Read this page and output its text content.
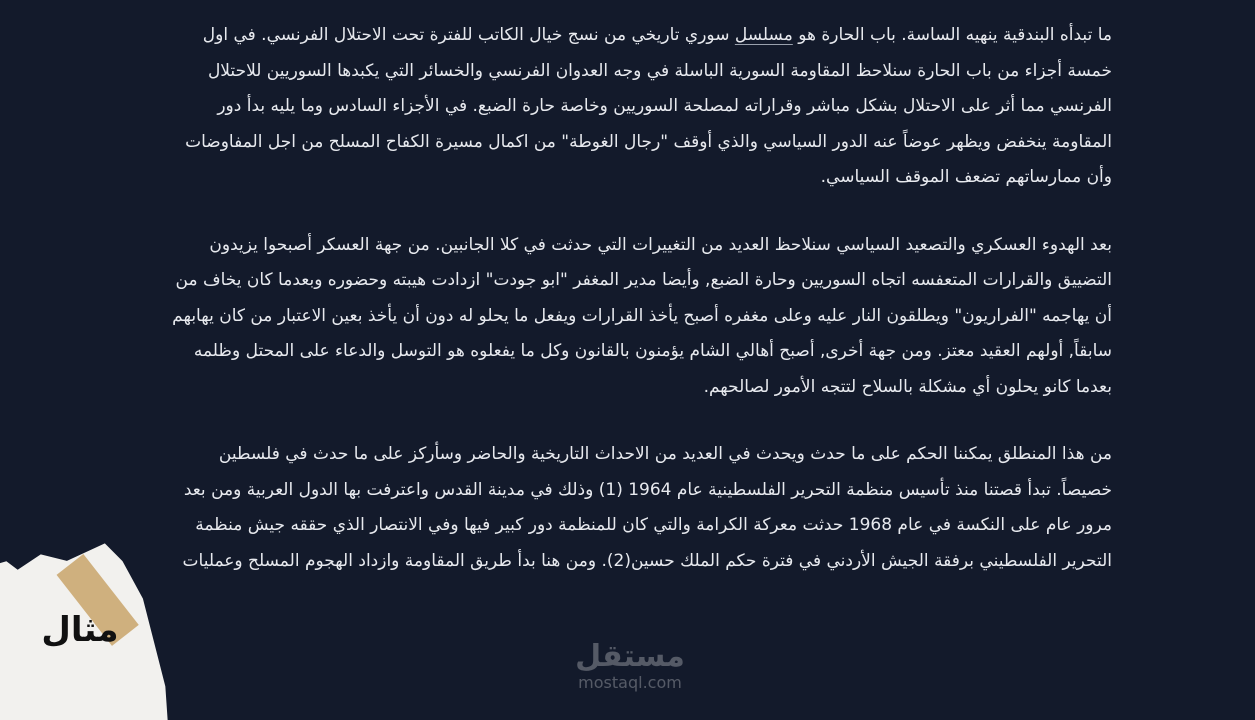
ما تبدأه البندقية ينهيه الساسة. باب الحارة هو مسلسل سوري تاريخي من نسج خيال الكاتب للفترة تحت الاحتلال الفرنسي. في اول خمسة أجزاء من باب الحارة سنلاحظ المقاومة السورية الباسلة في وجه العدوان الفرنسي والخسائر التي يكبدها السوريين للاحتلال الفرنسي مما أثر على الاحتلال بشكل مباشر وقراراته لمصلحة السوريين وخاصة حارة الضبع. في الأجزاء السادس وما يليه بدأ دور المقاومة ينخفض ويظهر عوضاً عنه الدور السياسي والذي أوقف "رجال الغوطة" من اكمال مسيرة الكفاح المسلح من اجل المفاوضات وأن ممارساتهم تضعف الموقف السياسي.

بعد الهدوء العسكري والتصعيد السياسي سنلاحظ العديد من التغييرات التي حدثت في كلا الجانبين. من جهة العسكر أصبحوا يزيدون التضييق والقرارات المتعفسه اتجاه السوريين وحارة الضبع, وأيضا مدير المغفر "ابو جودت" ازدادت هيبته وحضوره وبعدما كان يخاف من أن يهاجمه "الفراريون" ويطلقون النار عليه وعلى مغفره أصبح يأخذ القرارات ويفعل ما يحلو له دون أن يأخذ بعين الاعتبار من كان يهابهم سابقاً, أولهم العقيد معتز. ومن جهة أخرى, أصبح أهالي الشام يؤمنون بالقانون وكل ما يفعلوه هو التوسل والدعاء على المحتل وظلمه بعدما كانو يحلون أي مشكلة بالسلاح لتتجه الأمور لصالحهم.

من هذا المنطلق يمكننا الحكم على ما حدث ويحدث في العديد من الاحداث التاريخية والحاضر وسأركز على ما حدث في فلسطين خصيصاً. تبدأ قصتنا منذ تأسيس منظمة التحرير الفلسطينية عام 1964 (1) وذلك في مدينة القدس واعترفت بها الدول العربية ومن بعد مرور عام على النكسة في عام 1968 حدثت معركة الكرامة والتي كان للمنظمة دور كبير فيها وفي الانتصار الذي حققه جيش منظمة التحرير الفلسطيني برفقة الجيش الأردني في فترة حكم الملك حسين(2). ومن هنا بدأ طريق المقاومة وازداد الهجوم المسلح وعمليات

مثال
مستقل
mostaql.com
